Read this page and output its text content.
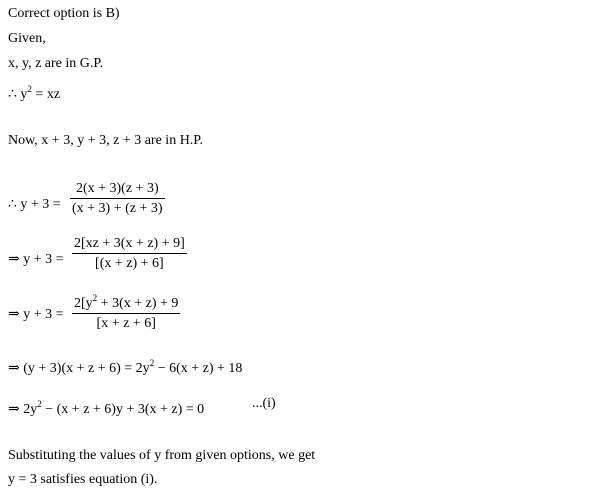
Correct option is B)
Given,
x, y, z are in G.P.
∴ $y^2$ = xz
Now, x + 3, y + 3, z + 3 are in H.P.
∴ y + 3 =
2(x + 3)(z + 3)
(x + 3) + (z + 3)
⇒ y + 3 =
2[xz + 3(x + z) + 9]
[(x + z) + 6]
⇒ y + 3 =
$2[y^2 + 3(x + z) + 9$
[x + z + 6]
⇒ $(y + 3)(x + z + 6) = 2y^2 - 6(x + z) + 18$
⇒ $2y^2 - (x + z + 6)y + 3(x + z) = 0$	...(i)
Substituting the values of y from given options, we get
y = 3 satisfies equation (i).
